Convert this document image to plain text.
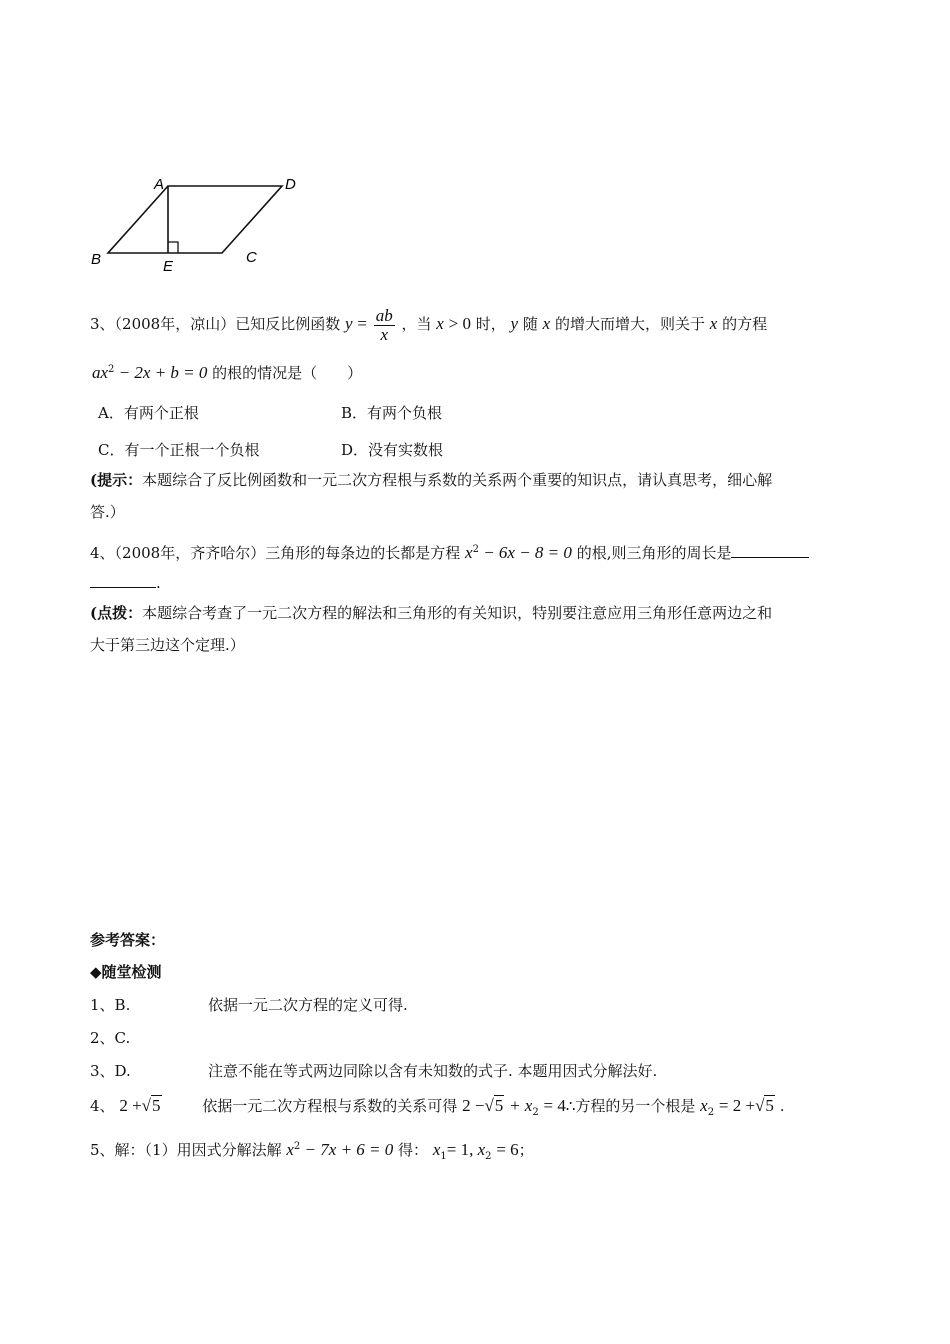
A	D
B	E
C
3、（2008年，凉山）已知反比例函数 $y = \frac{ab}{x}$ ，当 x > 0 时， y 随 x 的增大而增大，则关于 x 的方程
$ax^2 - 2x + b = 0$ 的根的情况是（　　）
A．有两个正根	B．有两个负根
C．有一个正根一个负根	D．没有实数根
(提示：本题综合了反比例函数和一元二次方程根与系数的关系两个重要的知识点，请认真思考，细心解
答.）
4、（2008年，齐齐哈尔）三角形的每条边的长都是方程 $x^2 - 6x - 8 = 0$ 的根,则三角形的周长是
.
(点拨：本题综合考查了一元二次方程的解法和三角形的有关知识，特别要注意应用三角形任意两边之和
大于第三边这个定理.）
参考答案：
◆随堂检测
1、B.	依据一元二次方程的定义可得.
2、C.
3、D.	注意不能在等式两边同除以含有未知数的式子. 本题用因式分解法好.
4、 2 +√5	依据一元二次方程根与系数的关系可得 $2 -√5 + x_2$ = 4∴方程的另一个根是 $x_2 = 2 +√5$ .
5、解：（1）用因式分解法解 $x^2 - 7x + 6 = 0$ 得： $x_1= 1$, $x_2 = 6$；
